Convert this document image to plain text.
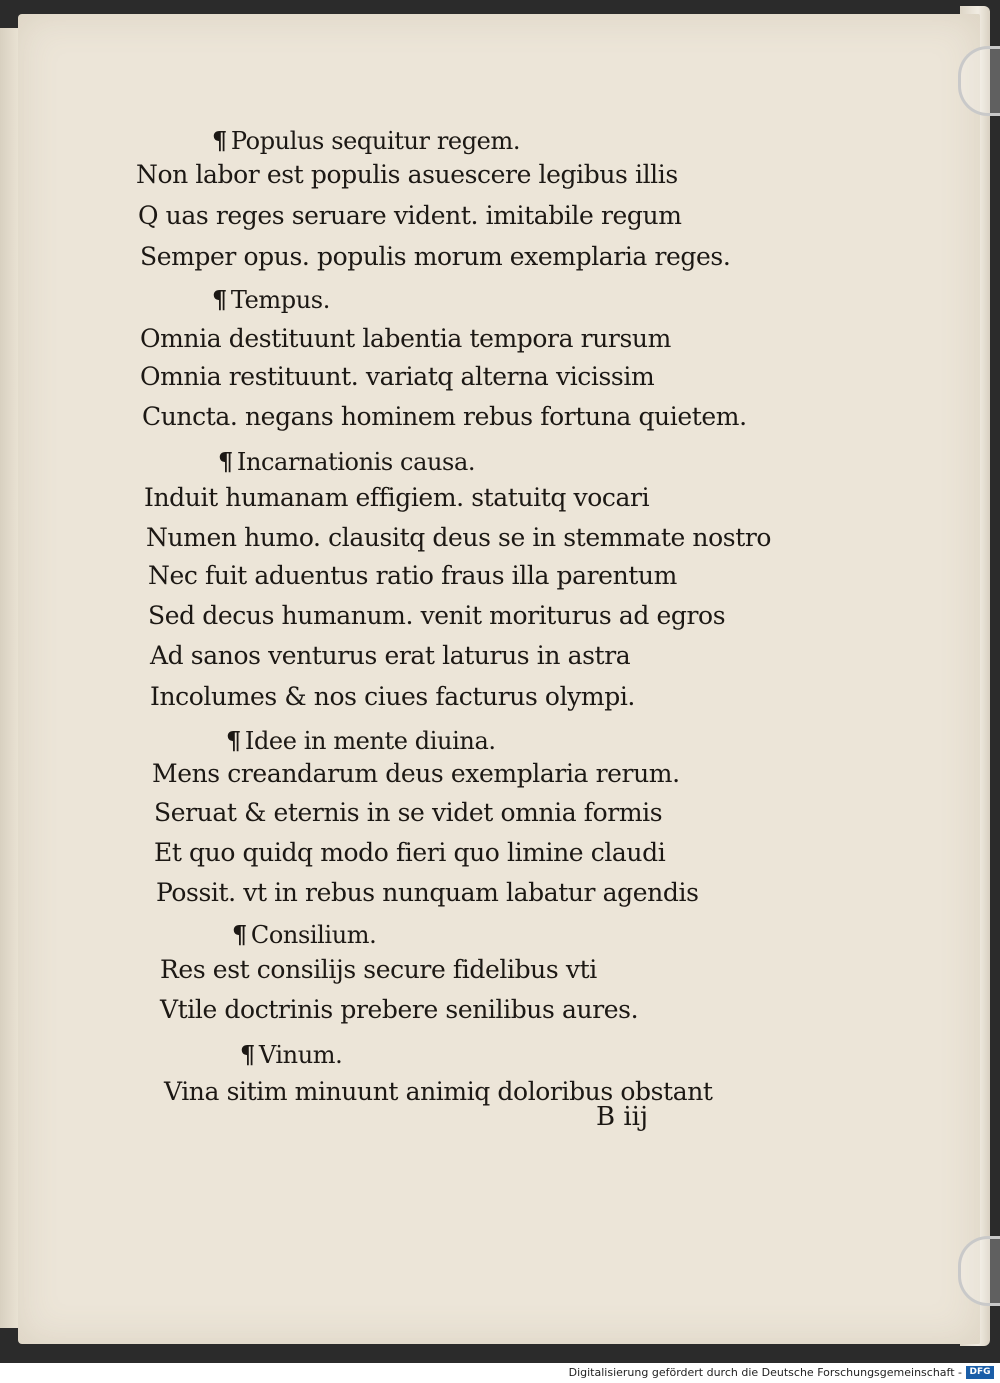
¶ Populus sequitur regem.
Non labor est populis asuescere legibus illis
Q uas reges seruare vident. imitabile regum
Semper opus. populis morum exemplaria reges.
¶ Tempus.
Omnia destituunt labentia tempora rursum
Omnia restituunt. variatq alterna vicissim
Cuncta. negans hominem rebus fortuna quietem.
¶ Incarnationis causa.
Induit humanam effigiem. statuitq vocari
Numen humo. clausitq deus se in stemmate nostro
Nec fuit aduentus ratio fraus illa parentum
Sed decus humanum. venit moriturus ad egros
Ad sanos venturus erat laturus in astra
Incolumes & nos ciues facturus olympi.
¶ Idee in mente diuina.
Mens creandarum deus exemplaria rerum.
Seruat & eternis in se videt omnia formis
Et quo quidq modo fieri quo limine claudi
Possit. vt in rebus nunquam labatur agendis
¶ Consilium.
Res est consilijs secure fidelibus vti
Vtile doctrinis prebere senilibus aures.
¶ Vinum.
Vina sitim minuunt animiq doloribus obstant
B iij
Digitalisierung gefördert durch die Deutsche Forschungsgemeinschaft - DFG
